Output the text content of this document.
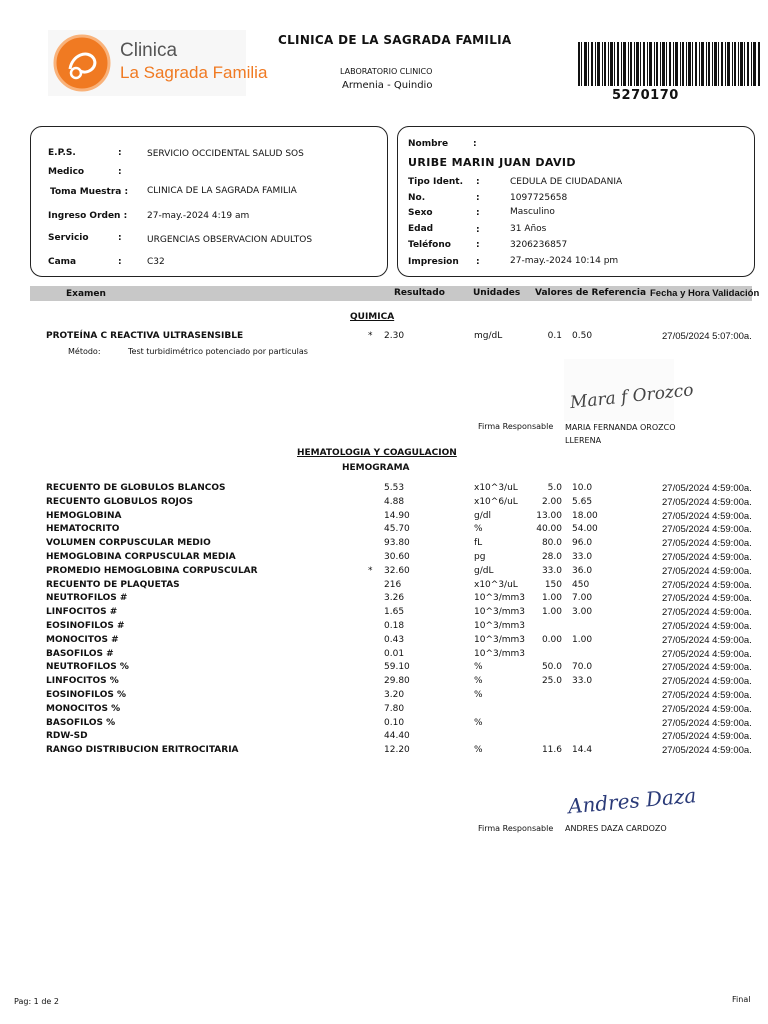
Clinica
La Sagrada Familia
CLINICA DE LA SAGRADA FAMILIA
LABORATORIO CLINICO
Armenia - Quindio
5270170
E.P.S.	:	SERVICIO OCCIDENTAL SALUD SOS
Medico	:
Toma Muestra : CLINICA DE LA SAGRADA FAMILIA
Ingreso Orden : 27-may.-2024 4:19 am
Servicio	:	URGENCIAS OBSERVACION ADULTOS
Cama	:	C32
Nombre	:
URIBE MARIN JUAN DAVID
Tipo Ident. :	CEDULA DE CIUDADANIA
No.	:	1097725658
Sexo	:	Masculino
Edad	:	31 Años
Teléfono	:	3206236857
Impresion :	27-may.-2024 10:14 pm
Examen	Resultado	Unidades Valores de Referencia Fecha y Hora Validación
QUIMICA
PROTEÍNA C REACTIVA ULTRASENSIBLE	* 2.30	mg/dL	0.1 0.50	27/05/2024 5:07:00a.
Método:	Test turbidimétrico potenciado por particulas
Mara f Orozco
Firma Responsable MARIA FERNANDA OROZCO
LLERENA
HEMATOLOGIA Y COAGULACION
HEMOGRAMA
RECUENTO DE GLOBULOS BLANCOS	5.53	x10^3/uL	5.0 10.0	27/05/2024 4:59:00a.
RECUENTO GLOBULOS ROJOS	4.88	x10^6/uL	2.00 5.65	27/05/2024 4:59:00a.
HEMOGLOBINA	14.90	g/dl	13.00 18.00	27/05/2024 4:59:00a.
HEMATOCRITO	45.70	%	40.00 54.00	27/05/2024 4:59:00a.
VOLUMEN CORPUSCULAR MEDIO	93.80	fL	80.0 96.0	27/05/2024 4:59:00a.
HEMOGLOBINA CORPUSCULAR MEDIA	30.60	pg	28.0 33.0	27/05/2024 4:59:00a.
PROMEDIO HEMOGLOBINA CORPUSCULAR	* 32.60	g/dL	33.0 36.0	27/05/2024 4:59:00a.
RECUENTO DE PLAQUETAS	216	x10^3/uL	150 450	27/05/2024 4:59:00a.
NEUTROFILOS #	3.26	10^3/mm3	1.00 7.00	27/05/2024 4:59:00a.
LINFOCITOS #	1.65	10^3/mm3	1.00 3.00	27/05/2024 4:59:00a.
EOSINOFILOS #	0.18	10^3/mm3	27/05/2024 4:59:00a.
MONOCITOS #	0.43	10^3/mm3	0.00 1.00	27/05/2024 4:59:00a.
BASOFILOS #	0.01	10^3/mm3	27/05/2024 4:59:00a.
NEUTROFILOS %	59.10	%	50.0 70.0	27/05/2024 4:59:00a.
LINFOCITOS %	29.80	%	25.0 33.0	27/05/2024 4:59:00a.
EOSINOFILOS %	3.20	%	27/05/2024 4:59:00a.
MONOCITOS %	7.80	27/05/2024 4:59:00a.
BASOFILOS %	0.10	%	27/05/2024 4:59:00a.
RDW-SD	44.40	27/05/2024 4:59:00a.
RANGO DISTRIBUCION ERITROCITARIA	12.20	%	11.6 14.4	27/05/2024 4:59:00a.
Andres Daza
Firma Responsable ANDRES DAZA CARDOZO
Pag: 1 de 2	Final
